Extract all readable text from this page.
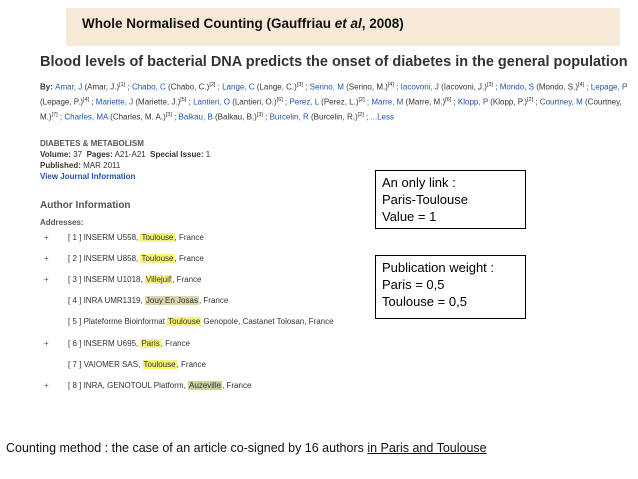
Whole Normalised Counting (Gauffriau et al, 2008)
Blood levels of bacterial DNA predicts the onset of diabetes in the general population
By: Amar, J (Amar, J.)[1] ; Chabo, C (Chabo, C.)[2] ; Lange, C (Lange, C.)[3] ; Serino, M (Serino, M.)[4] ; Iacovoni, J (Iacovoni, J.)[3] ; Mondo, S (Mondo, S.)[4] ; Lepage, P (Lepage, P.)[4] ; Mariette, J (Mariette, J.)[5] ; Lantieri, O (Lantieri, O.)[6] ; Perez, L (Perez, L.)[2] ; Marre, M (Marre, M.)[6] ; Klopp, P (Klopp, P.)[2] ; Courtney, M (Courtney, M.)[7] ; Charles, MA (Charles, M. A.)[3] ; Balkau, B (Balkau, B.)[3] ; Burcelin, R (Burcelin, R.)[2] ; ...Less
DIABETES & METABOLISM
Volume: 37 Pages: A21-A21 Special Issue: 1
Published: MAR 2011
View Journal Information
Author Information
Addresses:
+ [ 1 ] INSERM U558, Toulouse, France
+ [ 2 ] INSERM U858, Toulouse, France
+ [ 3 ] INSERM U1018, Villejuif, France
[ 4 ] INRA UMR1319, Jouy En Josas, France
[ 5 ] Plateforme Bioinformat Toulouse Genopole, Castanet Tolosan, France
+ [ 6 ] INSERM U695, Paris, France
[ 7 ] VAIOMER SAS, Toulouse, France
+ [ 8 ] INRA, GENOTOUL Platform, Auzeville, France
An only link :
Paris-Toulouse
Value = 1
Publication weight :
Paris = 0,5
Toulouse = 0,5
Counting method : the case of an article co-signed by 16 authors in Paris and Toulouse
